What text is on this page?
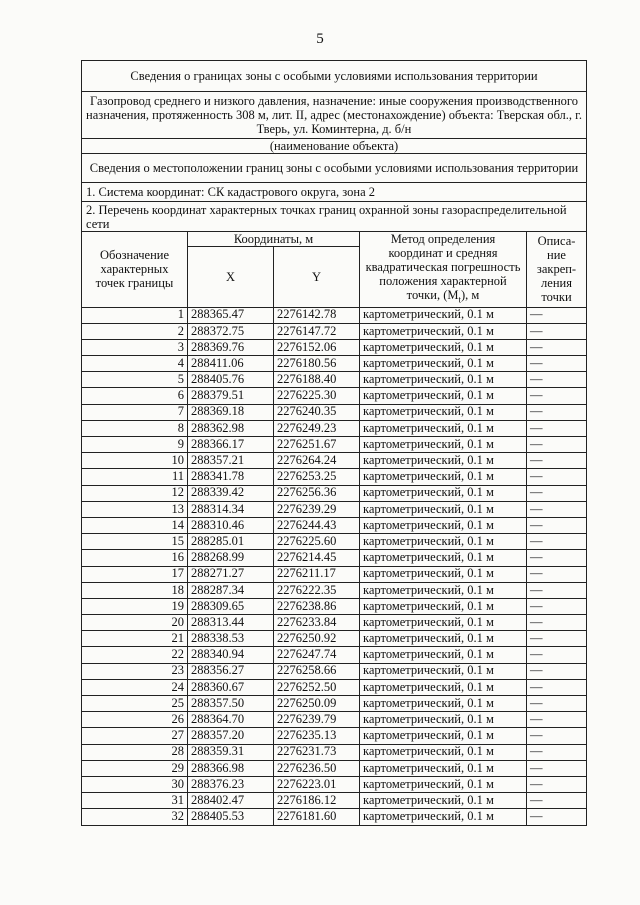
5
Сведения о границах зоны с особыми условиями использования территории				
Газопровод среднего и низкого давления, назначение: иные сооружения производственного назначения, протяженность 308 м, лит. II, адрес (местонахождение) объекта: Тверская обл., г. Тверь, ул. Коминтерна, д. б/н				
(наименование объекта)				
Сведения о местоположении границ зоны с особыми условиями использования территории				
1. Система координат: СК кадастрового округа, зона 2				
2. Перечень координат характерных точках границ охранной зоны газораспределительной сети				
Обозначение характерных точек границы	Координаты, м		Метод определения координат и средняя квадратическая погрешность положения характерной точки, $(M_t)$, м	Описа-ние закреп-ления точки
	X	Y		
1	288365.47	2276142.78	картометрический, 0.1 м	—
2	288372.75	2276147.72	картометрический, 0.1 м	—
3	288369.76	2276152.06	картометрический, 0.1 м	—
4	288411.06	2276180.56	картометрический, 0.1 м	—
5	288405.76	2276188.40	картометрический, 0.1 м	—
6	288379.51	2276225.30	картометрический, 0.1 м	—
7	288369.18	2276240.35	картометрический, 0.1 м	—
8	288362.98	2276249.23	картометрический, 0.1 м	—
9	288366.17	2276251.67	картометрический, 0.1 м	—
10	288357.21	2276264.24	картометрический, 0.1 м	—
11	288341.78	2276253.25	картометрический, 0.1 м	—
12	288339.42	2276256.36	картометрический, 0.1 м	—
13	288314.34	2276239.29	картометрический, 0.1 м	—
14	288310.46	2276244.43	картометрический, 0.1 м	—
15	288285.01	2276225.60	картометрический, 0.1 м	—
16	288268.99	2276214.45	картометрический, 0.1 м	—
17	288271.27	2276211.17	картометрический, 0.1 м	—
18	288287.34	2276222.35	картометрический, 0.1 м	—
19	288309.65	2276238.86	картометрический, 0.1 м	—
20	288313.44	2276233.84	картометрический, 0.1 м	—
21	288338.53	2276250.92	картометрический, 0.1 м	—
22	288340.94	2276247.74	картометрический, 0.1 м	—
23	288356.27	2276258.66	картометрический, 0.1 м	—
24	288360.67	2276252.50	картометрический, 0.1 м	—
25	288357.50	2276250.09	картометрический, 0.1 м	—
26	288364.70	2276239.79	картометрический, 0.1 м	—
27	288357.20	2276235.13	картометрический, 0.1 м	—
28	288359.31	2276231.73	картометрический, 0.1 м	—
29	288366.98	2276236.50	картометрический, 0.1 м	—
30	288376.23	2276223.01	картометрический, 0.1 м	—
31	288402.47	2276186.12	картометрический, 0.1 м	—
32	288405.53	2276181.60	картометрический, 0.1 м	—
